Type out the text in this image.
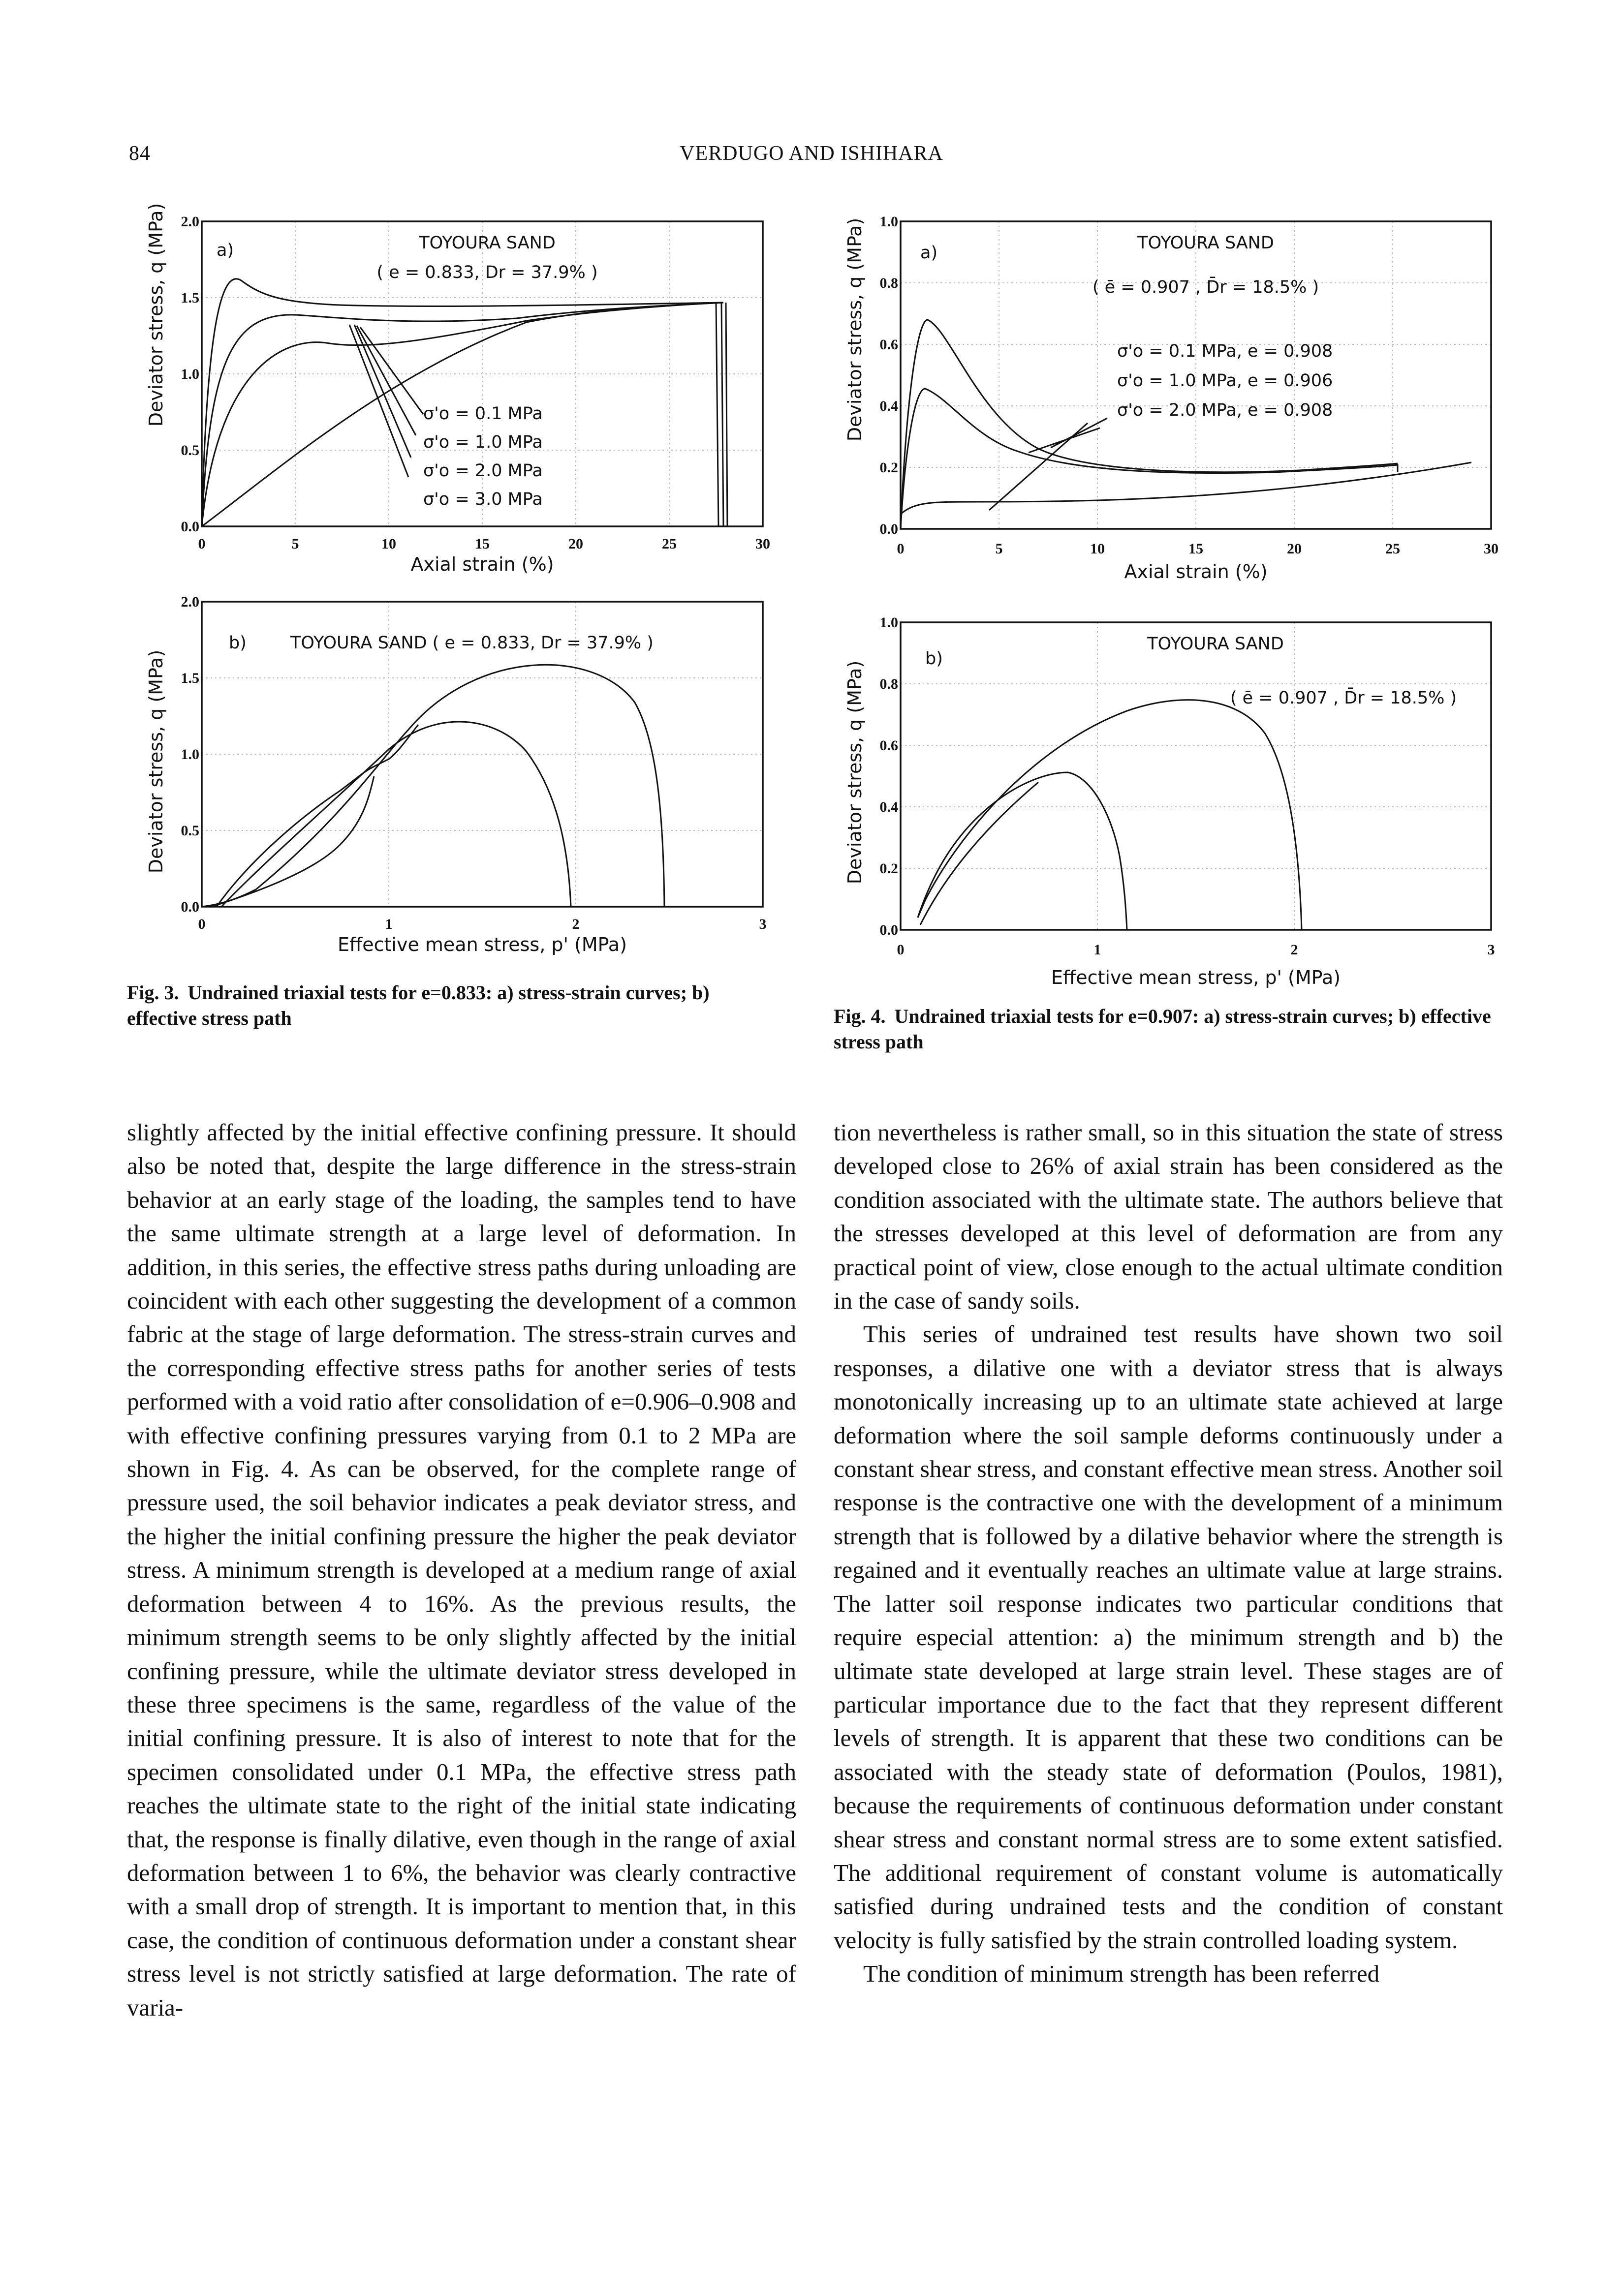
84	VERDUGO AND ISHIHARA
Deviator stress, q (MPa) 2.0
1.5
1.0
0.5
0.0
a)	TOYOURA SAND
( e = 0.833, Dr = 37.9% )
σ'o = 0.1 MPa
σ'o = 1.0 MPa
σ'o = 2.0 MPa
σ'o = 3.0 MPa
0	5	10	15	20	25	30
Axial strain (%)
Deviator stress, q (MPa)
2.0
1.5
1.0
0.5
0.0
b)	TOYOURA SAND ( e = 0.833, Dr = 37.9% )
0	1	2	3
Effective mean stress, p' (MPa)
Deviator stress, q (MPa) 1.0
0.8
0.6
0.4
0.2
0.0
a)	TOYOURA SAND
( ē = 0.907 , D̄r = 18.5% )
σ'o = 0.1 MPa, e = 0.908
σ'o = 1.0 MPa, e = 0.906
σ'o = 2.0 MPa, e = 0.908
0	5	10	15	20	25	30
Axial strain (%)
Deviator stress, q (MPa)
1.0
0.8
0.6
0.4
0.2
0.0
b)
TOYOURA SAND
( ē = 0.907 , D̄r = 18.5% )
0	1	2	3
Effective mean stress, p' (MPa)
Fig. 3. Undrained triaxial tests for e=0.833: a) stress-strain curves; b) effective stress path	Fig. 4. Undrained triaxial tests for e=0.907: a) stress-strain curves; b) effective stress path

slightly affected by the initial effective confining pressure. It should also be noted that, despite the large difference in the stress-strain behavior at an early stage of the loading, the samples tend to have the same ultimate strength at a large level of deformation. In addition, in this series, the effective stress paths during unloading are coincident with each other suggesting the development of a common fabric at the stage of large deformation. The stress-strain curves and the corresponding effective stress paths for another series of tests performed with a void ratio after consolidation of e=0.906–0.908 and with effective confining pressures varying from 0.1 to 2 MPa are shown in Fig. 4. As can be observed, for the complete range of pressure used, the soil behavior indicates a peak deviator stress, and the higher the initial confining pressure the higher the peak deviator stress. A minimum strength is developed at a medium range of axial deformation between 4 to 16%. As the previous results, the minimum strength seems to be only slightly affected by the initial confining pressure, while the ultimate deviator stress developed in these three specimens is the same, regardless of the value of the initial confining pressure. It is also of interest to note that for the specimen consolidated under 0.1 MPa, the effective stress path reaches the ultimate state to the right of the initial state indicating that, the response is finally dilative, even though in the range of axial deformation between 1 to 6%, the behavior was clearly contractive with a small drop of strength. It is important to mention that, in this case, the condition of continuous deformation under a constant shear stress level is not strictly satisfied at large deformation. The rate of varia-

tion nevertheless is rather small, so in this situation the state of stress developed close to 26% of axial strain has been considered as the condition associated with the ultimate state. The authors believe that the stresses developed at this level of deformation are from any practical point of view, close enough to the actual ultimate condition in the case of sandy soils.

This series of undrained test results have shown two soil responses, a dilative one with a deviator stress that is always monotonically increasing up to an ultimate state achieved at large deformation where the soil sample deforms continuously under a constant shear stress, and constant effective mean stress. Another soil response is the contractive one with the development of a minimum strength that is followed by a dilative behavior where the strength is regained and it eventually reaches an ultimate value at large strains. The latter soil response indicates two particular conditions that require especial attention: a) the minimum strength and b) the ultimate state developed at large strain level. These stages are of particular importance due to the fact that they represent different levels of strength. It is apparent that these two conditions can be associated with the steady state of deformation (Poulos, 1981), because the requirements of continuous deformation under constant shear stress and constant normal stress are to some extent satisfied. The additional requirement of constant volume is automatically satisfied during undrained tests and the condition of constant velocity is fully satisfied by the strain controlled loading system.

The condition of minimum strength has been referred
